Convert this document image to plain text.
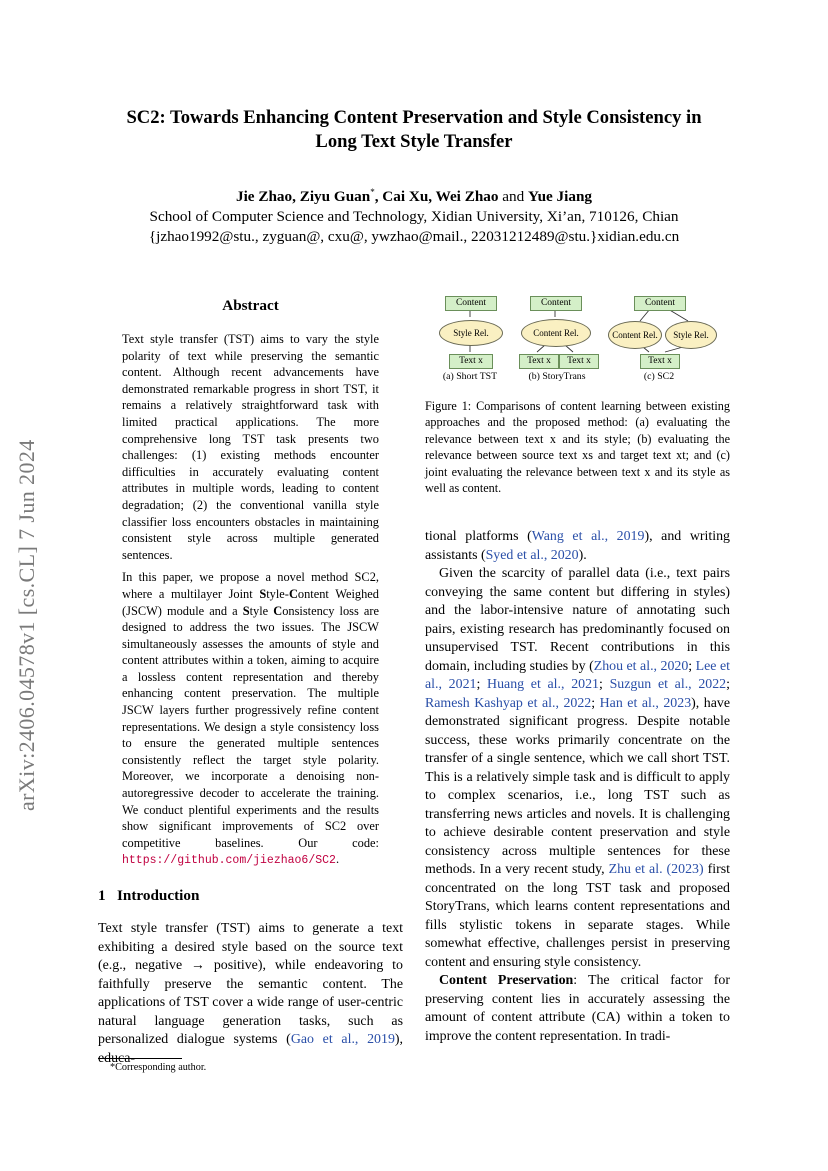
arXiv:2406.04578v1 [cs.CL] 7 Jun 2024
SC2: Towards Enhancing Content Preservation and Style Consistency in
Long Text Style Transfer
Jie Zhao, Ziyu Guan*, Cai Xu, Wei Zhao and Yue Jiang
School of Computer Science and Technology, Xidian University, Xi’an, 710126, Chian
{jzhao1992@stu., zyguan@, cxu@, ywzhao@mail., 22031212489@stu.}xidian.edu.cn
Abstract

Text style transfer (TST) aims to vary the style polarity of text while preserving the semantic content. Although recent advancements have demonstrated remarkable progress in short TST, it remains a relatively straightforward task with limited practical applications. The more comprehensive long TST task presents two challenges: (1) existing methods encounter difficulties in accurately evaluating content attributes in multiple words, leading to content degradation; (2) the conventional vanilla style classifier loss encounters obstacles in maintaining consistent style across multiple generated sentences.

In this paper, we propose a novel method SC2, where a multilayer Joint Style-Content Weighed (JSCW) module and a Style Consistency loss are designed to address the two issues. The JSCW simultaneously assesses the amounts of style and content attributes within a token, aiming to acquire a lossless content representation and thereby enhancing content preservation. The multiple JSCW layers further progressively refine content representations. We design a style consistency loss to ensure the generated multiple sentences consistently reflect the target style polarity. Moreover, we incorporate a denoising non-autoregressive decoder to accelerate the training. We conduct plentiful experiments and the results show significant improvements of SC2 over competitive baselines. Our code: https://github.com/jiezhao6/SC2.

1 Introduction

Text style transfer (TST) aims to generate a text exhibiting a desired style based on the source text (e.g., negative → positive), while endeavoring to faithfully preserve the semantic content. The applications of TST cover a wide range of user-centric natural language generation tasks, such as personalized dialogue systems (Gao et al., 2019), educa-

*Corresponding author.
Content
Style Rel.
Text x
(a) Short TST
Content
Content Rel.
Text x	Text x
(b) StoryTrans
Content
Content Rel.	Style Rel.
Text x
(c) SC2
Figure 1: Comparisons of content learning between existing approaches and the proposed method: (a) evaluating the relevance between text x and its style; (b) evaluating the relevance between source text xs and target text xt; and (c) joint evaluating the relevance between text x and its style as well as content.

tional platforms (Wang et al., 2019), and writing assistants (Syed et al., 2020).

Given the scarcity of parallel data (i.e., text pairs conveying the same content but differing in styles) and the labor-intensive nature of annotating such pairs, existing research has predominantly focused on unsupervised TST. Recent contributions in this domain, including studies by (Zhou et al., 2020; Lee et al., 2021; Huang et al., 2021; Suzgun et al., 2022; Ramesh Kashyap et al., 2022; Han et al., 2023), have demonstrated significant progress. Despite notable success, these works primarily concentrate on the transfer of a single sentence, which we call short TST. This is a relatively simple task and is difficult to apply to complex scenarios, i.e., long TST such as transferring news articles and novels. It is challenging to achieve desirable content preservation and style consistency across multiple sentences for these methods. In a very recent study, Zhu et al. (2023) first concentrated on the long TST task and proposed StoryTrans, which learns content representations and fills stylistic tokens in separate stages. While somewhat effective, challenges persist in preserving content and ensuring style consistency.

Content Preservation: The critical factor for preserving content lies in accurately assessing the amount of content attribute (CA) within a token to improve the content representation. In tradi-
